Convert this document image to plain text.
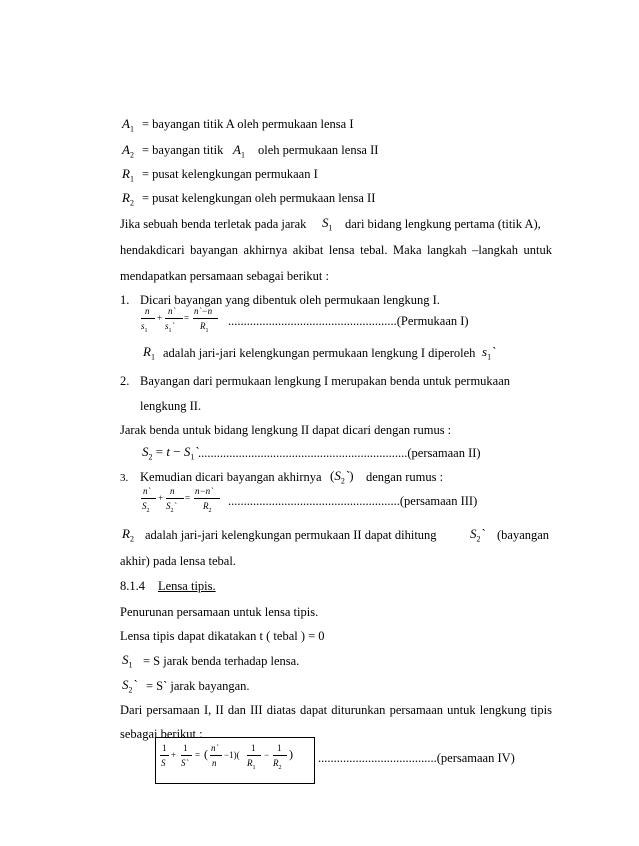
$A_1$ = bayangan titik A oleh permukaan lensa I
$A_2$ = bayangan titik $A_1$ oleh permukaan lensa II
$R_1$ = pusat kelengkungan permukaan I
$R_2$ = pusat kelengkungan oleh permukaan lensa II
Jika sebuah benda terletak pada jarak $S_1$ dari bidang lengkung pertama (titik A),
hendakdicari bayangan akhirnya akibat lensa tebal. Maka langkah –langkah untuk
mendapatkan persamaan sebagai berikut :
1. Dicari bayangan yang dibentuk oleh permukaan lengkung I.
n
$s_1$
+
n`
$s_1`$
=
n`−n
$R_1$
......................................................(Permukaan I)
$R_1$ adalah jari-jari kelengkungan permukaan lengkung I diperoleh $s_1`$
2. Bayangan dari permukaan lengkung I merupakan benda untuk permukaan
lengkung II.
Jarak benda untuk bidang lengkung II dapat dicari dengan rumus :
$S_2 = t$ − $S_1`$ ...................................................................(persamaan II)
3. Kemudian dicari bayangan akhirnya $(S_2`)$ dengan rumus :
n`
$S_2$
+
n
$S_2`$
=
n−n`
$R_2$
.......................................................(persamaan III)
$R_2$ adalah jari-jari kelengkungan permukaan II dapat dihitung	$S_2`$ (bayangan
akhir) pada lensa tebal.
8.1.4 Lensa tipis.
Penurunan persamaan untuk lensa tipis.
Lensa tipis dapat dikatakan t ( tebal ) = 0
$S_1 = S$ jarak benda terhadap lensa.
$S_2`$ = S` jarak bayangan.
Dari persamaan I, II dan III diatas dapat diturunkan persamaan untuk lengkung tipis
sebagai berikut :
1
S
+
1
S`
= ( n`
n
−1)(
1
$R_1$
−
1
$R_2$
) ......................................(persamaan IV)
